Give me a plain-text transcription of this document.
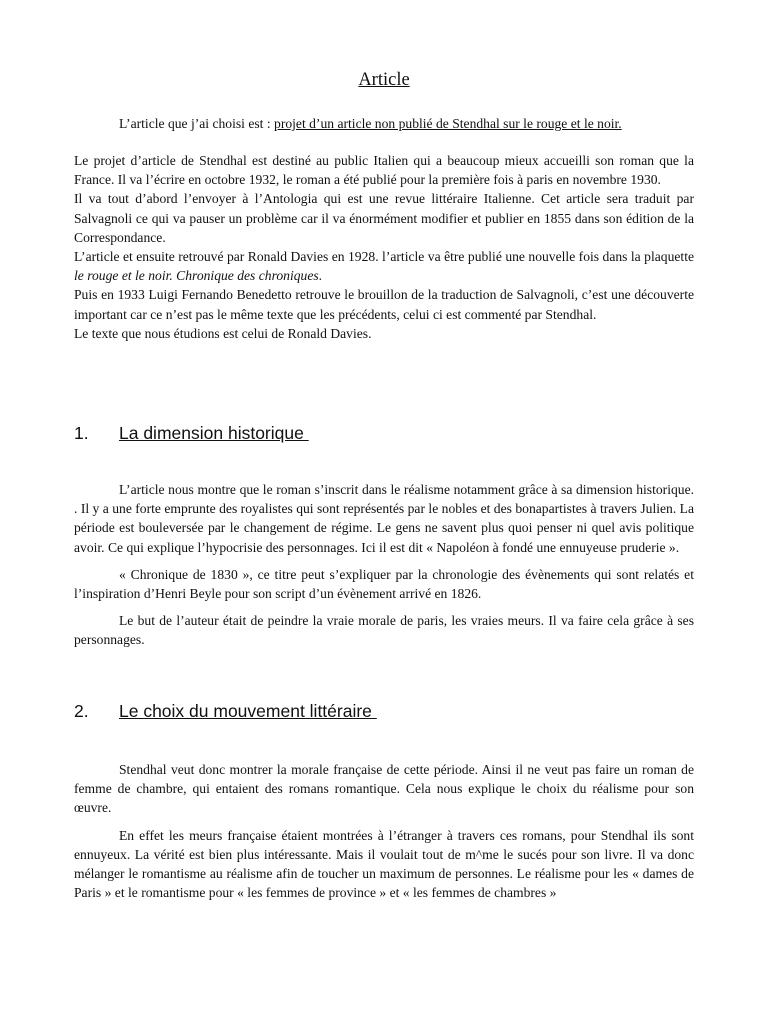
Article
L’article que j’ai choisi est : projet d’un article non publié de Stendhal sur le rouge et le noir.

Le projet d’article de Stendhal est destiné au public Italien qui a beaucoup mieux accueilli son roman que la France. Il va l’écrire en octobre 1932, le roman a été publié pour la première fois à paris en novembre 1930.

Il va tout d’abord l’envoyer à l’Antologia qui est une revue littéraire Italienne. Cet article sera traduit par Salvagnoli ce qui va pauser un problème car il va énormément modifier et publier en 1855 dans son édition de la Correspondance.

L’article et ensuite retrouvé par Ronald Davies en 1928. l’article va être publié une nouvelle fois dans la plaquette le rouge et le noir. Chronique des chroniques.

Puis en 1933 Luigi Fernando Benedetto retrouve le brouillon de la traduction de Salvagnoli, c’est une découverte important car ce n’est pas le même texte que les précédents, celui ci est commenté par Stendhal.

Le texte que nous étudions est celui de Ronald Davies.

1. La dimension historique

L’article nous montre que le roman s’inscrit dans le réalisme notamment grâce à sa dimension historique. . Il y a une forte emprunte des royalistes qui sont représentés par le nobles et des bonapartistes à travers Julien. La période est bouleversée par le changement de régime. Le gens ne savent plus quoi penser ni quel avis politique avoir. Ce qui explique l’hypocrisie des personnages. Ici il est dit « Napoléon à fondé une ennuyeuse pruderie ».

« Chronique de 1830 », ce titre peut s’expliquer par la chronologie des évènements qui sont relatés et l’inspiration d’Henri Beyle pour son script d’un évènement arrivé en 1826.

Le but de l’auteur était de peindre la vraie morale de paris, les vraies meurs. Il va faire cela grâce à ses personnages.

2. Le choix du mouvement littéraire

Stendhal veut donc montrer la morale française de cette période. Ainsi il ne veut pas faire un roman de femme de chambre, qui entaient des romans romantique. Cela nous explique le choix du réalisme pour son œuvre.

En effet les meurs française étaient montrées à l’étranger à travers ces romans, pour Stendhal ils sont ennuyeux. La vérité est bien plus intéressante. Mais il voulait tout de m^me le sucés pour son livre. Il va donc mélanger le romantisme au réalisme afin de toucher un maximum de personnes. Le réalisme pour les « dames de Paris » et le romantisme pour « les femmes de province » et « les femmes de chambres »
